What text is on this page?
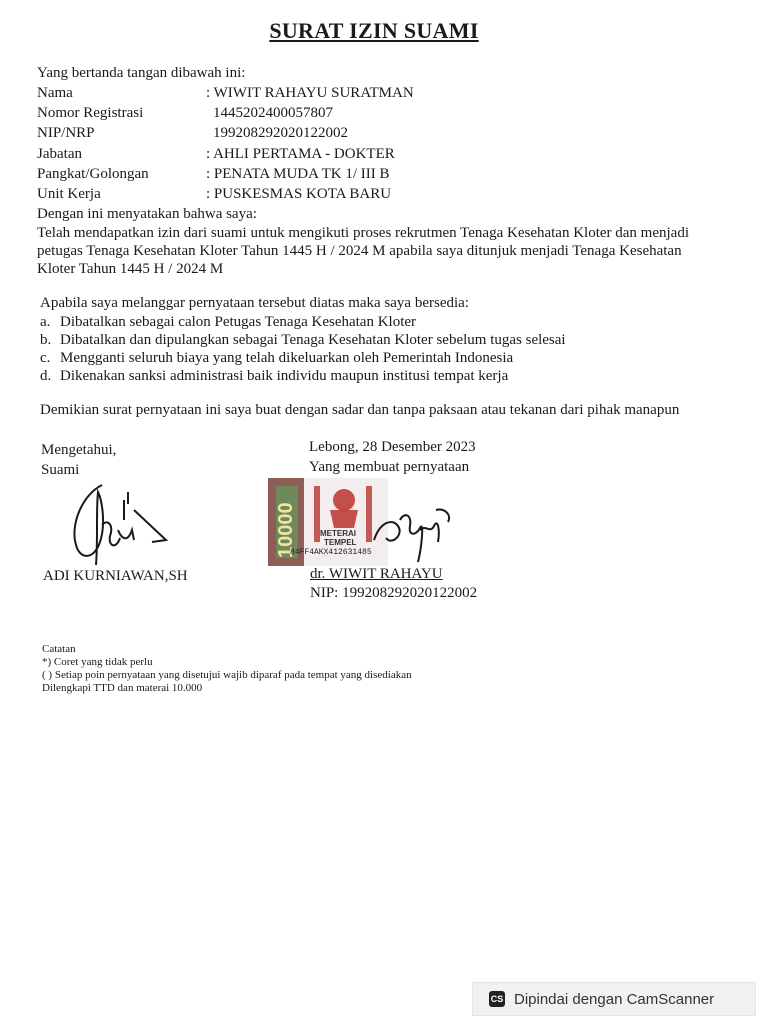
SURAT IZIN SUAMI
Yang bertanda tangan dibawah ini:
Nama	: WIWIT RAHAYU SURATMAN
Nomor Registrasi	1445202400057807
NIP/NRP	199208292020122002
Jabatan	: AHLI PERTAMA - DOKTER
Pangkat/Golongan	: PENATA MUDA TK 1/ III B
Unit Kerja	: PUSKESMAS KOTA BARU
Dengan ini menyatakan bahwa saya:
Telah mendapatkan izin dari suami untuk mengikuti proses rekrutmen Tenaga Kesehatan Kloter dan menjadi
petugas Tenaga Kesehatan Kloter Tahun 1445 H / 2024 M apabila saya ditunjuk menjadi Tenaga Kesehatan
Kloter Tahun 1445 H / 2024 M
Apabila saya melanggar pernyataan tersebut diatas maka saya bersedia:
a. Dibatalkan sebagai calon Petugas Tenaga Kesehatan Kloter
b. Dibatalkan dan dipulangkan sebagai Tenaga Kesehatan Kloter sebelum tugas selesai
c. Mengganti seluruh biaya yang telah dikeluarkan oleh Pemerintah Indonesia
d. Dikenakan sanksi administrasi baik individu maupun institusi tempat kerja
Demikian surat pernyataan ini saya buat dengan sadar dan tanpa paksaan atau tekanan dari pihak manapun
Mengetahui,
Suami
ADI KURNIAWAN,SH
Lebong, 28 Desember 2023
Yang membuat pernyataan
10000	METERAI
TEMPEL
84FF4AKX412631485
dr. WIWIT RAHAYU
NIP: 199208292020122002
Catatan
*) Coret yang tidak perlu
( ) Setiap poin pernyataan yang disetujui wajib diparaf pada tempat yang disediakan
Dilengkapi TTD dan materai 10.000
CS Dipindai dengan CamScanner
